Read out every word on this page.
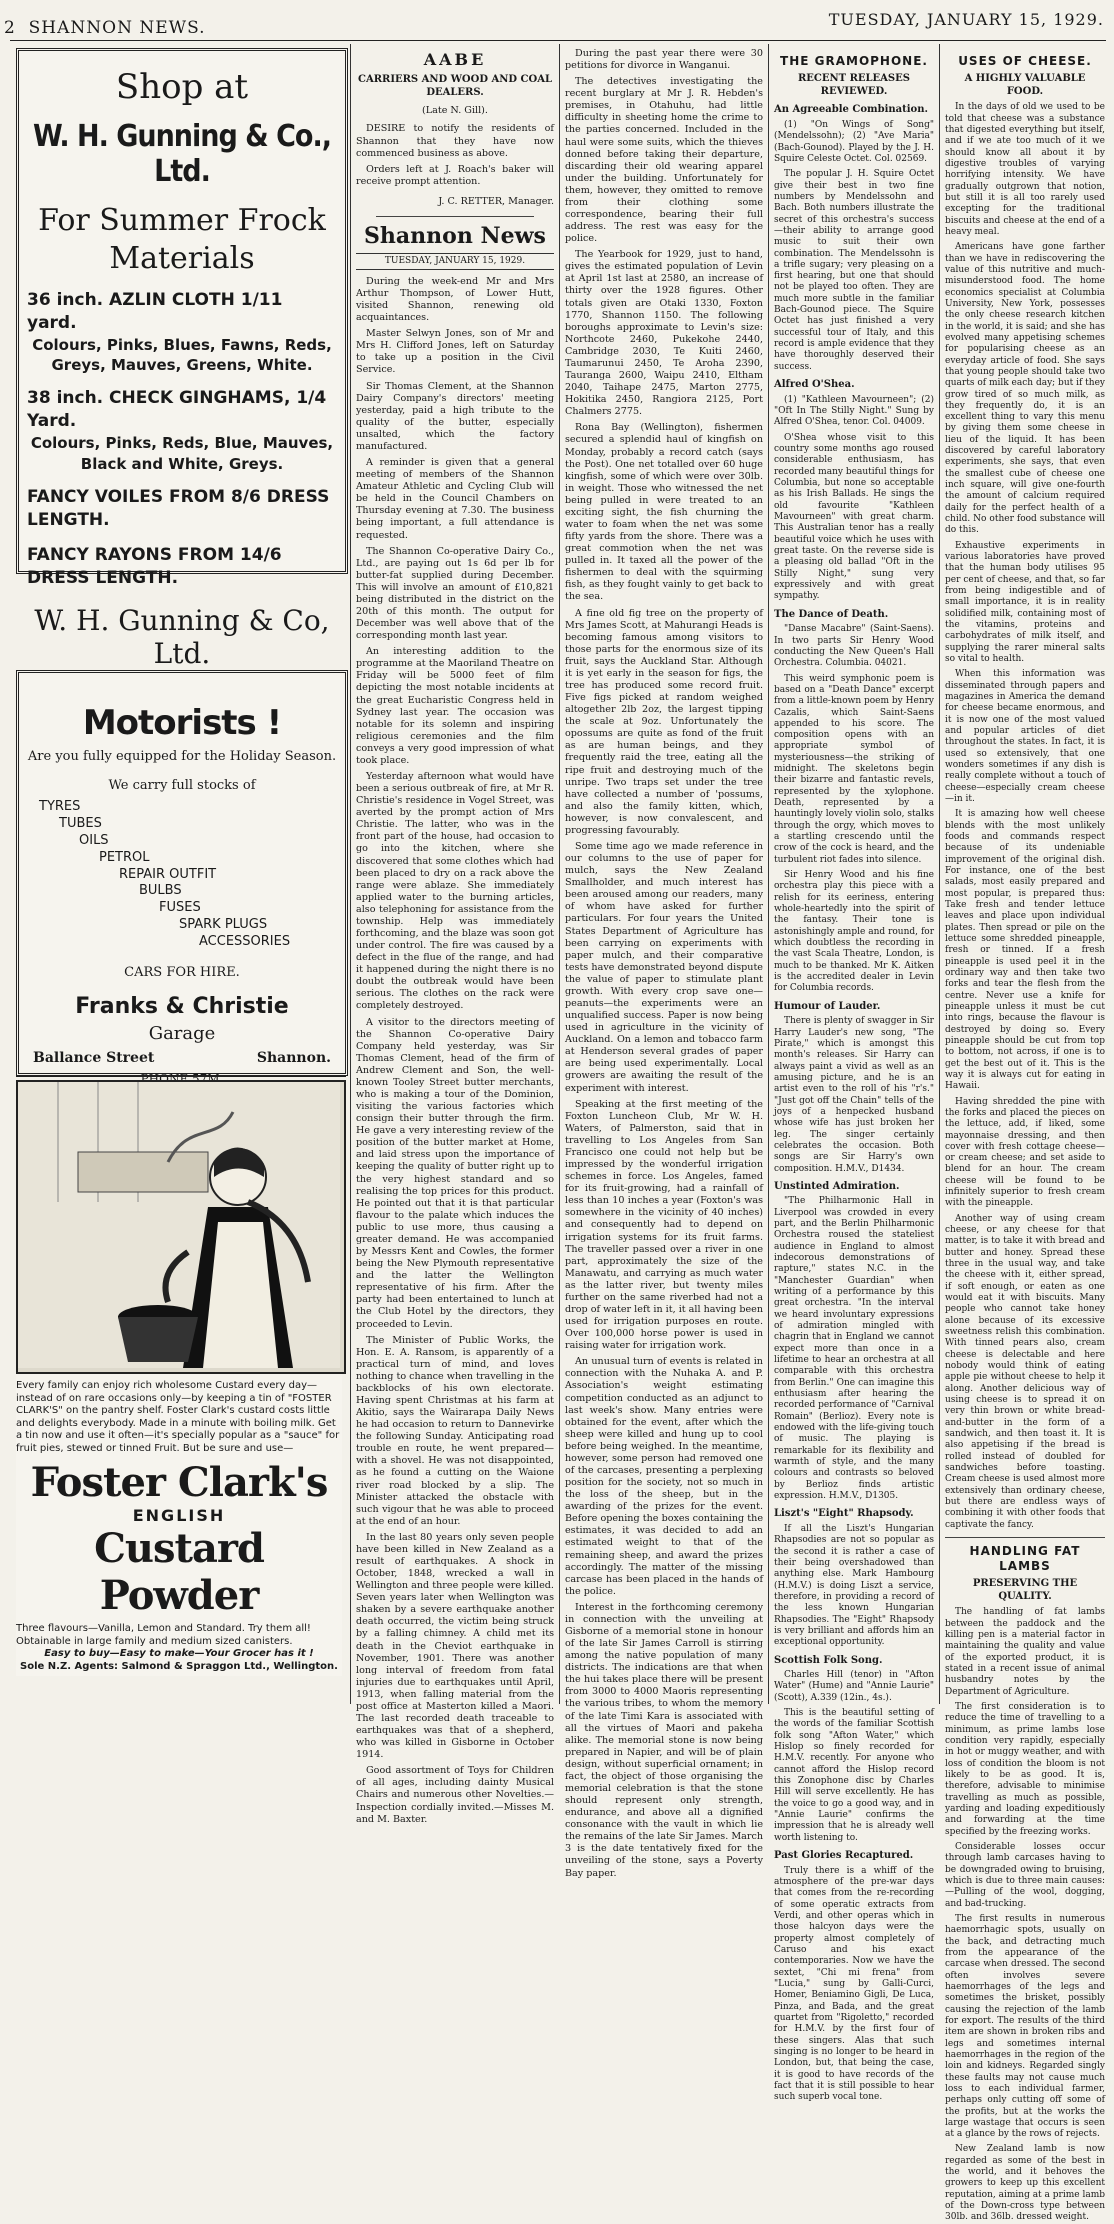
2 SHANNON NEWS.	TUESDAY, JANUARY 15, 1929.
Shop at
W. H. Gunning & Co., Ltd.
For Summer Frock
Materials
36 inch. AZLIN CLOTH 1/11 yard.
Colours, Pinks, Blues, Fawns, Reds, Greys, Mauves, Greens, White.
38 inch. CHECK GINGHAMS, 1/4 Yard.
Colours, Pinks, Reds, Blue, Mauves, Black and White, Greys.
FANCY VOILES FROM 8/6 DRESS LENGTH.
FANCY RAYONS FROM 14/6 DRESS LENGTH.
W. H. Gunning & Co, Ltd.
Motorists !
Are you fully equipped for the Holiday Season.
We carry full stocks of
TYRES
TUBES
OILS
PETROL
REPAIR OUTFIT
BULBS
FUSES
SPARK PLUGS
ACCESSORIES
CARS FOR HIRE.
Franks & Christie
Garage
Ballance Street	Shannon.
Every family can enjoy rich wholesome Custard every day—instead of on rare occasions only—by keeping a tin of "FOSTER CLARK'S" on the pantry shelf. Foster Clark's custard costs little and delights everybody. Made in a minute with boiling milk. Get a tin now and use it often—it's specially popular as a "sauce" for fruit pies, stewed or tinned Fruit. But be sure and use—
Foster Clark's
ENGLISH
Custard Powder
Three flavours—Vanilla, Lemon and Standard. Try them all! Obtainable in large family and medium sized canisters.
Easy to buy—Easy to make—Your Grocer has it !
Sole N.Z. Agents: Salmond & Spraggon Ltd., Wellington.
AABE
CARRIERS AND WOOD AND COAL DEALERS.
(Late N. Gill).

DESIRE to notify the residents of Shannon that they have now commenced business as above.

Orders left at J. Roach's baker will receive prompt attention.

J. C. RETTER, Manager.
Shannon News
TUESDAY, JANUARY 15, 1929.

During the week-end Mr and Mrs Arthur Thompson, of Lower Hutt, visited Shannon, renewing old acquaintances.

Master Selwyn Jones, son of Mr and Mrs H. Clifford Jones, left on Saturday to take up a position in the Civil Service.

Sir Thomas Clement, at the Shannon Dairy Company's directors' meeting yesterday, paid a high tribute to the quality of the butter, especially unsalted, which the factory manufactured.

A reminder is given that a general meeting of members of the Shannon Amateur Athletic and Cycling Club will be held in the Council Chambers on Thursday evening at 7.30. The business being important, a full attendance is requested.

The Shannon Co-operative Dairy Co., Ltd., are paying out 1s 6d per lb for butter-fat supplied during December. This will involve an amount of £10,821 being distributed in the district on the 20th of this month. The output for December was well above that of the corresponding month last year.

An interesting addition to the programme at the Maoriland Theatre on Friday will be 5000 feet of film depicting the most notable incidents at the great Eucharistic Congress held in Sydney last year. The occasion was notable for its solemn and inspiring religious ceremonies and the film conveys a very good impression of what took place.

Yesterday afternoon what would have been a serious outbreak of fire, at Mr R. Christie's residence in Vogel Street, was averted by the prompt action of Mrs Christie. The latter, who was in the front part of the house, had occasion to go into the kitchen, where she discovered that some clothes which had been placed to dry on a rack above the range were ablaze. She immediately applied water to the burning articles, also telephoning for assistance from the township. Help was immediately forthcoming, and the blaze was soon got under control. The fire was caused by a defect in the flue of the range, and had it happened during the night there is no doubt the outbreak would have been serious. The clothes on the rack were completely destroyed.

A visitor to the directors meeting of the Shannon Co-operative Dairy Company held yesterday, was Sir Thomas Clement, head of the firm of Andrew Clement and Son, the well-known Tooley Street butter merchants, who is making a tour of the Dominion, visiting the various factories which consign their butter through the firm. He gave a very interesting review of the position of the butter market at Home, and laid stress upon the importance of keeping the quality of butter right up to the very highest standard and so realising the top prices for this product. He pointed out that it is that particular flavour to the palate which induces the public to use more, thus causing a greater demand. He was accompanied by Messrs Kent and Cowles, the former being the New Plymouth representative and the latter the Wellington representative of his firm. After the party had been entertained to lunch at the Club Hotel by the directors, they proceeded to Levin.

The Minister of Public Works, the Hon. E. A. Ransom, is apparently of a practical turn of mind, and loves nothing to chance when travelling in the backblocks of his own electorate. Having spent Christmas at his farm at Akitio, says the Wairarapa Daily News he had occasion to return to Dannevirke the following Sunday. Anticipating road trouble en route, he went prepared—with a shovel. He was not disappointed, as he found a cutting on the Waione river road blocked by a slip. The Minister attacked the obstacle with such vigour that he was able to proceed at the end of an hour.

In the last 80 years only seven people have been killed in New Zealand as a result of earthquakes. A shock in October, 1848, wrecked a wall in Wellington and three people were killed. Seven years later when Wellington was shaken by a severe earthquake another death occurred, the victim being struck by a falling chimney. A child met its death in the Cheviot earthquake in November, 1901. There was another long interval of freedom from fatal injuries due to earthquakes until April, 1913, when falling material from the post office at Masterton killed a Maori. The last recorded death traceable to earthquakes was that of a shepherd, who was killed in Gisborne in October 1914.

Good assortment of Toys for Children of all ages, including dainty Musical Chairs and numerous other Novelties.—Inspection cordially invited.—Misses M. and M. Baxter.

During the past year there were 30 petitions for divorce in Wanganui.

The detectives investigating the recent burglary at Mr J. R. Hebden's premises, in Otahuhu, had little difficulty in sheeting home the crime to the parties concerned. Included in the haul were some suits, which the thieves donned before taking their departure, discarding their old wearing apparel under the building. Unfortunately for them, however, they omitted to remove from their clothing some correspondence, bearing their full address. The rest was easy for the police.

The Yearbook for 1929, just to hand, gives the estimated population of Levin at April 1st last at 2580, an increase of thirty over the 1928 figures. Other totals given are Otaki 1330, Foxton 1770, Shannon 1150. The following boroughs approximate to Levin's size: Northcote 2460, Pukekohe 2440, Cambridge 2030, Te Kuiti 2460, Taumarunui 2450, Te Aroha 2390, Tauranga 2600, Waipu 2410, Eltham 2040, Taihape 2475, Marton 2775, Hokitika 2450, Rangiora 2125, Port Chalmers 2775.

Rona Bay (Wellington), fishermen secured a splendid haul of kingfish on Monday, probably a record catch (says the Post). One net totalled over 60 huge kingfish, some of which were over 30lb. in weight. Those who witnessed the net being pulled in were treated to an exciting sight, the fish churning the water to foam when the net was some fifty yards from the shore. There was a great commotion when the net was pulled in. It taxed all the power of the fishermen to deal with the squirming fish, as they fought vainly to get back to the sea.

A fine old fig tree on the property of Mrs James Scott, at Mahurangi Heads is becoming famous among visitors to those parts for the enormous size of its fruit, says the Auckland Star. Although it is yet early in the season for figs, the tree has produced some record fruit. Five figs picked at random weighed altogether 2lb 2oz, the largest tipping the scale at 9oz. Unfortunately the opossums are quite as fond of the fruit as are human beings, and they frequently raid the tree, eating all the ripe fruit and destroying much of the unripe. Two traps set under the tree have collected a number of 'possums, and also the family kitten, which, however, is now convalescent, and progressing favourably.

Some time ago we made reference in our columns to the use of paper for mulch, says the New Zealand Smallholder, and much interest has been aroused among our readers, many of whom have asked for further particulars. For four years the United States Department of Agriculture has been carrying on experiments with paper mulch, and their comparative tests have demonstrated beyond dispute the value of paper to stimulate plant growth. With every crop save one—peanuts—the experiments were an unqualified success. Paper is now being used in agriculture in the vicinity of Auckland. On a lemon and tobacco farm at Henderson several grades of paper are being used experimentally. Local growers are awaiting the result of the experiment with interest.

Speaking at the first meeting of the Foxton Luncheon Club, Mr W. H. Waters, of Palmerston, said that in travelling to Los Angeles from San Francisco one could not help but be impressed by the wonderful irrigation schemes in force. Los Angeles, famed for its fruit-growing, had a rainfall of less than 10 inches a year (Foxton's was somewhere in the vicinity of 40 inches) and consequently had to depend on irrigation systems for its fruit farms. The traveller passed over a river in one part, approximately the size of the Manawatu, and carrying as much water as the latter river, but twenty miles further on the same riverbed had not a drop of water left in it, it all having been used for irrigation purposes en route. Over 100,000 horse power is used in raising water for irrigation work.

An unusual turn of events is related in connection with the Nuhaka A. and P. Association's weight estimating competition conducted as an adjunct to last week's show. Many entries were obtained for the event, after which the sheep were killed and hung up to cool before being weighed. In the meantime, however, some person had removed one of the carcases, presenting a perplexing position for the society, not so much in the loss of the sheep, but in the awarding of the prizes for the event. Before opening the boxes containing the estimates, it was decided to add an estimated weight to that of the remaining sheep, and award the prizes accordingly. The matter of the missing carcase has been placed in the hands of the police.

Interest in the forthcoming ceremony in connection with the unveiling at Gisborne of a memorial stone in honour of the late Sir James Carroll is stirring among the native population of many districts. The indications are that when the hui takes place there will be present from 3000 to 4000 Maoris representing the various tribes, to whom the memory of the late Timi Kara is associated with all the virtues of Maori and pakeha alike. The memorial stone is now being prepared in Napier, and will be of plain design, without superficial ornament; in fact, the object of those organising the memorial celebration is that the stone should represent only strength, endurance, and above all a dignified consonance with the vault in which lie the remains of the late Sir James. March 3 is the date tentatively fixed for the unveiling of the stone, says a Poverty Bay paper.

THE GRAMOPHONE.
RECENT RELEASES REVIEWED.
An Agreeable Combination.

(1) "On Wings of Song" (Mendelssohn); (2) "Ave Maria" (Bach-Gounod). Played by the J. H. Squire Celeste Octet. Col. 02569.

The popular J. H. Squire Octet give their best in two fine numbers by Mendelssohn and Bach. Both numbers illustrate the secret of this orchestra's success—their ability to arrange good music to suit their own combination. The Mendelssohn is a trifle sugary; very pleasing on a first hearing, but one that should not be played too often. They are much more subtle in the familiar Bach-Gounod piece. The Squire Octet has just finished a very successful tour of Italy, and this record is ample evidence that they have thoroughly deserved their success.

Alfred O'Shea.

(1) "Kathleen Mavourneen"; (2) "Oft In The Stilly Night." Sung by Alfred O'Shea, tenor. Col. 04009.

O'Shea whose visit to this country some months ago roused considerable enthusiasm, has recorded many beautiful things for Columbia, but none so acceptable as his Irish Ballads. He sings the old favourite "Kathleen Mavourneen" with great charm. This Australian tenor has a really beautiful voice which he uses with great taste. On the reverse side is a pleasing old ballad "Oft in the Stilly Night," sung very expressively and with great sympathy.

The Dance of Death.

"Danse Macabre" (Saint-Saens). In two parts Sir Henry Wood conducting the New Queen's Hall Orchestra. Columbia. 04021.

This weird symphonic poem is based on a "Death Dance" excerpt from a little-known poem by Henry Cazalis, which Saint-Saens appended to his score. The composition opens with an appropriate symbol of mysteriousness—the striking of midnight. The skeletons begin their bizarre and fantastic revels, represented by the xylophone. Death, represented by a hauntingly lovely violin solo, stalks through the orgy, which moves to a startling crescendo until the crow of the cock is heard, and the turbulent riot fades into silence.

Sir Henry Wood and his fine orchestra play this piece with a relish for its eeriness, entering whole-heartedly into the spirit of the fantasy. Their tone is astonishingly ample and round, for which doubtless the recording in the vast Scala Theatre, London, is much to be thanked. Mr K. Aitken is the accredited dealer in Levin for Columbia records.

Humour of Lauder.

There is plenty of swagger in Sir Harry Lauder's new song, "The Pirate," which is amongst this month's releases. Sir Harry can always paint a vivid as well as an amusing picture, and he is an artist even to the roll of his "r's." "Just got off the Chain" tells of the joys of a henpecked husband whose wife has just broken her leg. The singer certainly celebrates the occasion. Both songs are Sir Harry's own composition. H.M.V., D1434.

Unstinted Admiration.

"The Philharmonic Hall in Liverpool was crowded in every part, and the Berlin Philharmonic Orchestra roused the stateliest audience in England to almost indecorous demonstrations of rapture," states N.C. in the "Manchester Guardian" when writing of a performance by this great orchestra. "In the interval we heard involuntary expressions of admiration mingled with chagrin that in England we cannot expect more than once in a lifetime to hear an orchestra at all comparable with this orchestra from Berlin." One can imagine this enthusiasm after hearing the recorded performance of "Carnival Romain" (Berlioz). Every note is endowed with the life-giving touch of music. The playing is remarkable for its flexibility and warmth of style, and the many colours and contrasts so beloved by Berlioz finds artistic expression. H.M.V., D1305.

Liszt's "Eight" Rhapsody.

If all the Liszt's Hungarian Rhapsodies are not so popular as the second it is rather a case of their being overshadowed than anything else. Mark Hambourg (H.M.V.) is doing Liszt a service, therefore, in providing a record of the less known Hungarian Rhapsodies. The "Eight" Rhapsody is very brilliant and affords him an exceptional opportunity.

Scottish Folk Song.

Charles Hill (tenor) in "Afton Water" (Hume) and "Annie Laurie" (Scott), A.339 (12in., 4s.).

This is the beautiful setting of the words of the familiar Scottish folk song "Afton Water," which Hislop so finely recorded for H.M.V. recently. For anyone who cannot afford the Hislop record this Zonophone disc by Charles Hill will serve excellently. He has the voice to go a good way, and in "Annie Laurie" confirms the impression that he is already well worth listening to.

Past Glories Recaptured.

Truly there is a whiff of the atmosphere of the pre-war days that comes from the re-recording of some operatic extracts from Verdi, and other operas which in those halcyon days were the property almost completely of Caruso and his exact contemporaries. Now we have the sextet, "Chi mi frena" from "Lucia," sung by Galli-Curci, Homer, Beniamino Gigli, De Luca, Pinza, and Bada, and the great quartet from "Rigoletto," recorded for H.M.V. by the first four of these singers. Alas that such singing is no longer to be heard in London, but, that being the case, it is good to have records of the fact that it is still possible to hear such superb vocal tone.

USES OF CHEESE.
A HIGHLY VALUABLE FOOD.

In the days of old we used to be told that cheese was a substance that digested everything but itself, and if we ate too much of it we should know all about it by digestive troubles of varying horrifying intensity. We have gradually outgrown that notion, but still it is all too rarely used excepting for the traditional biscuits and cheese at the end of a heavy meal.

Americans have gone farther than we have in rediscovering the value of this nutritive and much-misunderstood food. The home economics specialist at Columbia University, New York, possesses the only cheese research kitchen in the world, it is said; and she has evolved many appetising schemes for popularising cheese as an everyday article of food. She says that young people should take two quarts of milk each day; but if they grow tired of so much milk, as they frequently do, it is an excellent thing to vary this menu by giving them some cheese in lieu of the liquid. It has been discovered by careful laboratory experiments, she says, that even the smallest cube of cheese one inch square, will give one-fourth the amount of calcium required daily for the perfect health of a child. No other food substance will do this.

Exhaustive experiments in various laboratories have proved that the human body utilises 95 per cent of cheese, and that, so far from being indigestible and of small importance, it is in reality solidified milk, containing most of the vitamins, proteins and carbohydrates of milk itself, and supplying the rarer mineral salts so vital to health.

When this information was disseminated through papers and magazines in America the demand for cheese became enormous, and it is now one of the most valued and popular articles of diet throughout the states. In fact, it is used so extensively, that one wonders sometimes if any dish is really complete without a touch of cheese—especially cream cheese—in it.

It is amazing how well cheese blends with the most unlikely foods and commands respect because of its undeniable improvement of the original dish. For instance, one of the best salads, most easily prepared and most popular, is prepared thus: Take fresh and tender lettuce leaves and place upon individual plates. Then spread or pile on the lettuce some shredded pineapple, fresh or tinned. If a fresh pineapple is used peel it in the ordinary way and then take two forks and tear the flesh from the centre. Never use a knife for pineapple unless it must be cut into rings, because the flavour is destroyed by doing so. Every pineapple should be cut from top to bottom, not across, if one is to get the best out of it. This is the way it is always cut for eating in Hawaii.

Having shredded the pine with the forks and placed the pieces on the lettuce, add, if liked, some mayonnaise dressing, and then cover with fresh cottage cheese—or cream cheese; and set aside to blend for an hour. The cream cheese will be found to be infinitely superior to fresh cream with the pineapple.

Another way of using cream cheese, or any cheese for that matter, is to take it with bread and butter and honey. Spread these three in the usual way, and take the cheese with it, either spread, if soft enough, or eaten as one would eat it with biscuits. Many people who cannot take honey alone because of its excessive sweetness relish this combination. With tinned pears also, cream cheese is delectable and here nobody would think of eating apple pie without cheese to help it along. Another delicious way of using cheese is to spread it on very thin brown or white bread-and-butter in the form of a sandwich, and then toast it. It is also appetising if the bread is rolled instead of doubled for sandwiches before toasting. Cream cheese is used almost more extensively than ordinary cheese, but there are endless ways of combining it with other foods that captivate the fancy.

HANDLING FAT LAMBS
PRESERVING THE QUALITY.

The handling of fat lambs between the paddock and the killing pen is a material factor in maintaining the quality and value of the exported product, it is stated in a recent issue of animal husbandry notes by the Department of Agriculture.

The first consideration is to reduce the time of travelling to a minimum, as prime lambs lose condition very rapidly, especially in hot or muggy weather, and with loss of condition the bloom is not likely to be as good. It is, therefore, advisable to minimise travelling as much as possible, yarding and loading expeditiously and forwarding at the time specified by the freezing works.

Considerable losses occur through lamb carcases having to be downgraded owing to bruising, which is due to three main causes:—Pulling of the wool, dogging, and bad-trucking.

The first results in numerous haemorrhagic spots, usually on the back, and detracting much from the appearance of the carcase when dressed. The second often involves severe haemorrhages of the legs and sometimes the brisket, possibly causing the rejection of the lamb for export. The results of the third item are shown in broken ribs and legs and sometimes internal haemorrhages in the region of the loin and kidneys. Regarded singly these faults may not cause much loss to each individual farmer, perhaps only cutting off some of the profits, but at the works the large wastage that occurs is seen at a glance by the rows of rejects.

New Zealand lamb is now regarded as some of the best in the world, and it behoves the growers to keep up this excellent reputation, aiming at a prime lamb of the Down-cross type between 30lb. and 36lb. dressed weight.
